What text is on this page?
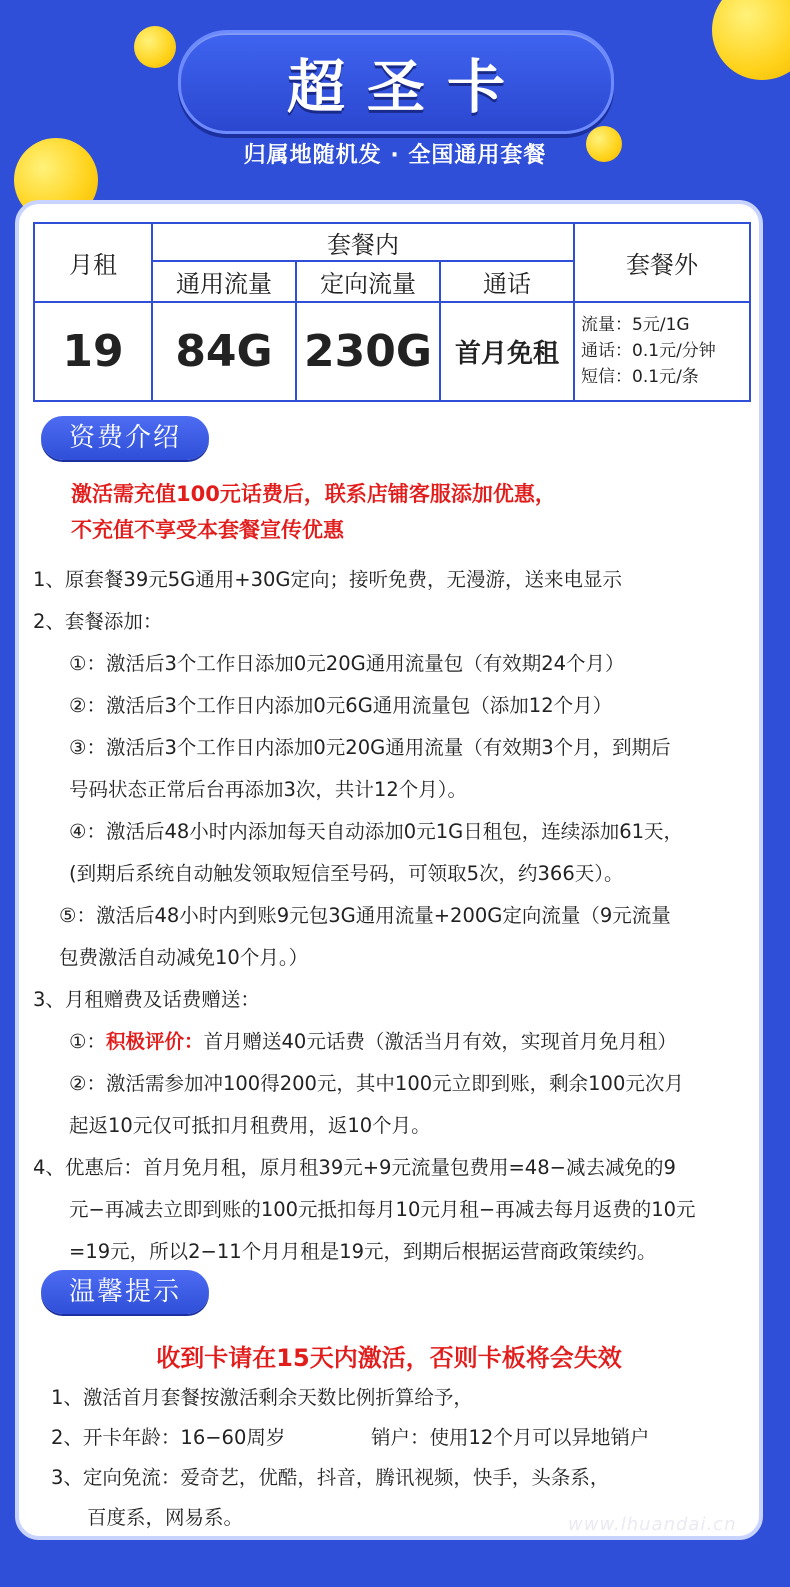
超圣卡
归属地随机发 · 全国通用套餐
月租	套餐内			套餐外
	通用流量	定向流量	通话	
19	84G	230G	首月免租	流量：5元/1G
通话：0.1元/分钟
短信：0.1元/条
资费介绍
激活需充值100元话费后，联系店铺客服添加优惠，
不充值不享受本套餐宣传优惠
1、原套餐39元5G通用+30G定向；接听免费，无漫游，送来电显示
2、套餐添加：
①：激活后3个工作日添加0元20G通用流量包（有效期24个月）
②：激活后3个工作日内添加0元6G通用流量包（添加12个月）
③：激活后3个工作日内添加0元20G通用流量（有效期3个月，到期后
号码状态正常后台再添加3次，共计12个月）。
④：激活后48小时内添加每天自动添加0元1G日租包，连续添加61天，
(到期后系统自动触发领取短信至号码，可领取5次，约366天）。
⑤：激活后48小时内到账9元包3G通用流量+200G定向流量（9元流量
包费激活自动减免10个月。）
3、月租赠费及话费赠送：
①：积极评价：首月赠送40元话费（激活当月有效，实现首月免月租）
②：激活需参加冲100得200元，其中100元立即到账，剩余100元次月
起返10元仅可抵扣月租费用，返10个月。
4、优惠后：首月免月租，原月租39元+9元流量包费用=48−减去减免的9
元−再减去立即到账的100元抵扣每月10元月租−再减去每月返费的10元
=19元，所以2−11个月月租是19元，到期后根据运营商政策续约。
温馨提示
收到卡请在15天内激活，否则卡板将会失效
1、激活首月套餐按激活剩余天数比例折算给予，
2、开卡年龄：16−60周岁	销户：使用12个月可以异地销户
3、定向免流：爱奇艺，优酷，抖音，腾讯视频，快手，头条系，
百度系，网易系。	www.lhuandai.cn
